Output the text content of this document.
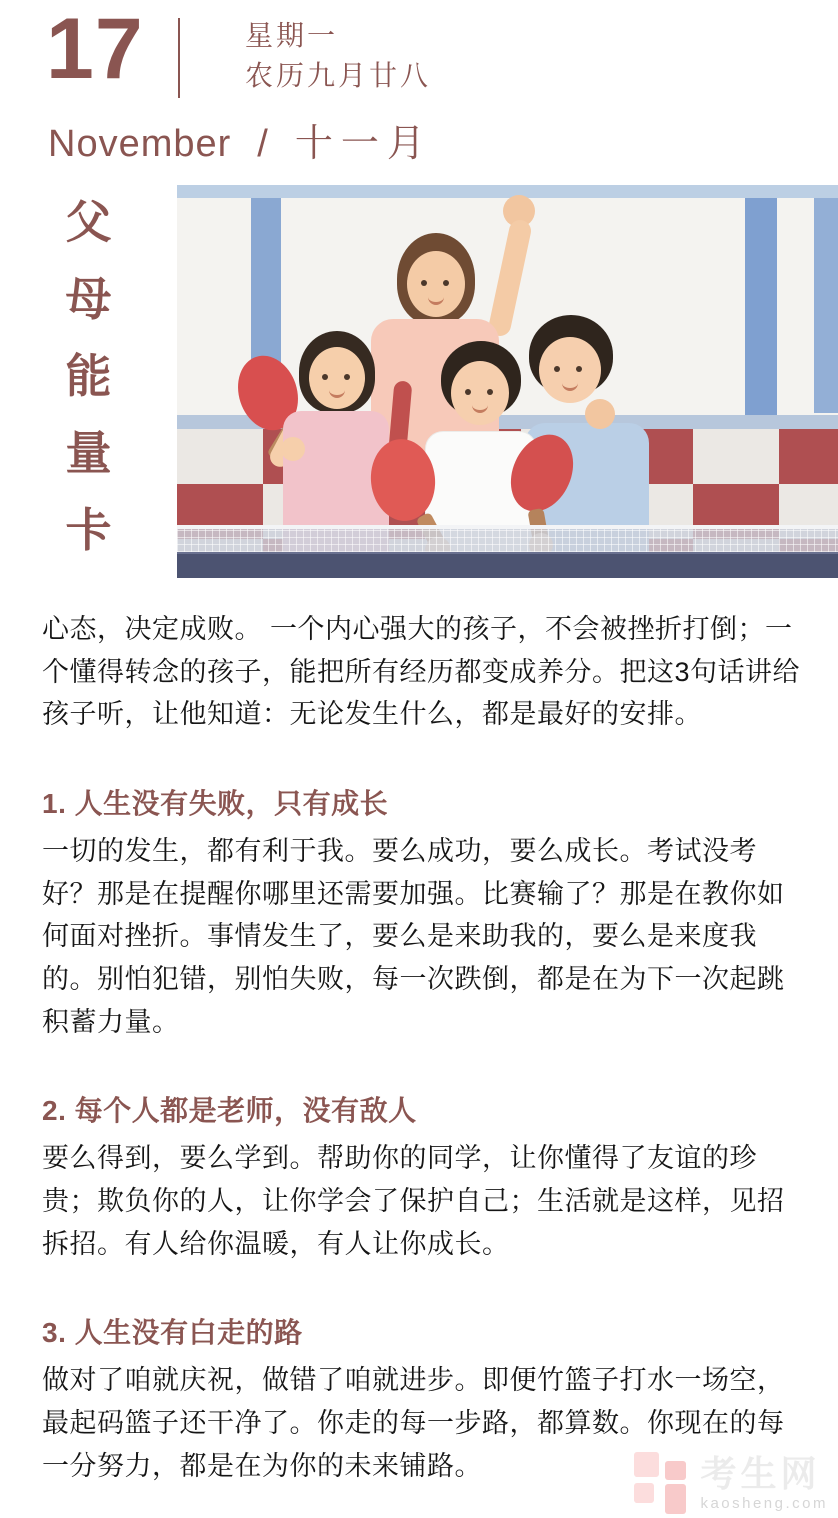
17	星期一
农历九月廿八
November / 十一月
父
母
能
量
卡

心态，决定成败。 一个内心强大的孩子，不会被挫折打倒；一个懂得转念的孩子，能把所有经历都变成养分。把这3句话讲给孩子听，让他知道：无论发生什么，都是最好的安排。

1. 人生没有失败，只有成长

一切的发生，都有利于我。要么成功，要么成长。考试没考好？那是在提醒你哪里还需要加强。比赛输了？那是在教你如何面对挫折。事情发生了，要么是来助我的，要么是来度我的。别怕犯错，别怕失败，每一次跌倒，都是在为下一次起跳积蓄力量。

2. 每个人都是老师，没有敌人

要么得到，要么学到。帮助你的同学，让你懂得了友谊的珍贵；欺负你的人，让你学会了保护自己；生活就是这样，见招拆招。有人给你温暖，有人让你成长。

3. 人生没有白走的路

做对了咱就庆祝，做错了咱就进步。即便竹篮子打水一场空，最起码篮子还干净了。你走的每一步路，都算数。你现在的每一分努力，都是在为你的未来铺路。	考生网
kaosheng.com
